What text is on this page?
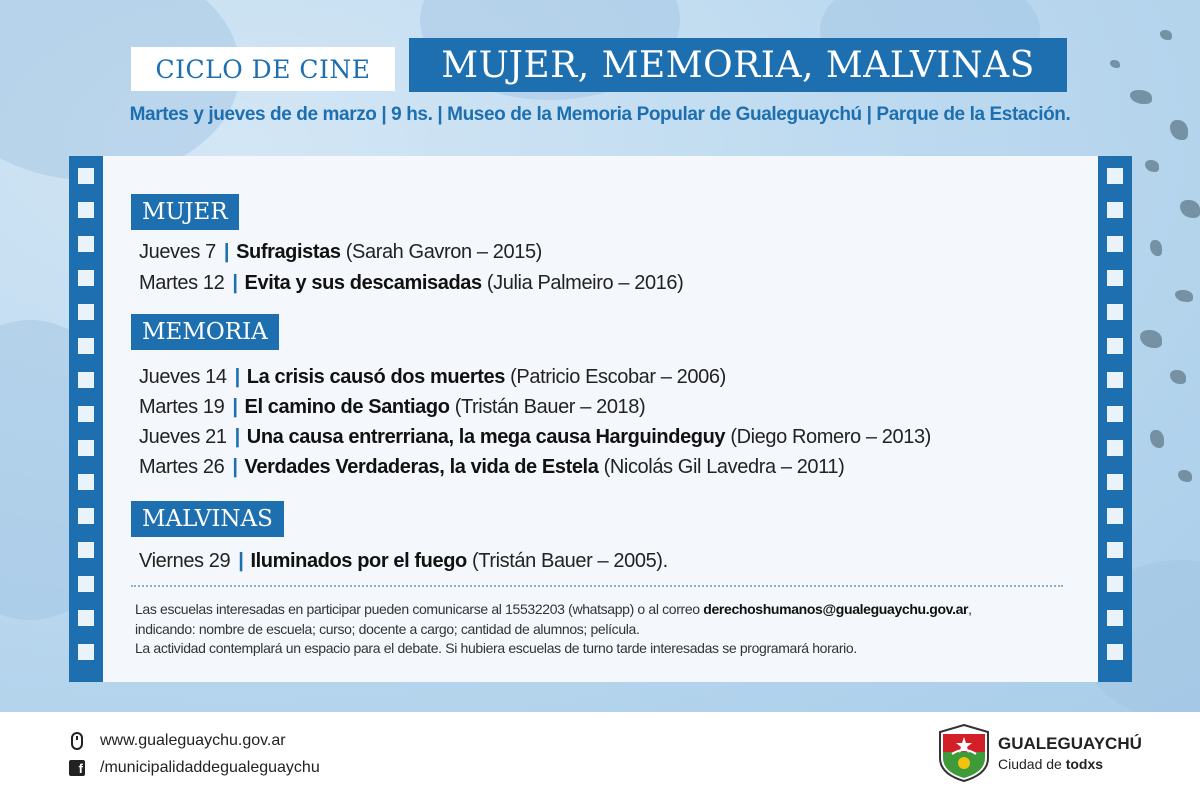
CICLO DE CINE	MUJER, MEMORIA, MALVINAS
Martes y jueves de de marzo | 9 hs. | Museo de la Memoria Popular de Gualeguaychú | Parque de la Estación.
MUJER
Jueves 7 | Sufragistas (Sarah Gavron – 2015)
Martes 12 | Evita y sus descamisadas (Julia Palmeiro – 2016)
MEMORIA
Jueves 14 | La crisis causó dos muertes (Patricio Escobar – 2006)
Martes 19 | El camino de Santiago (Tristán Bauer – 2018)
Jueves 21 | Una causa entrerriana, la mega causa Harguindeguy (Diego Romero – 2013)
Martes 26 | Verdades Verdaderas, la vida de Estela (Nicolás Gil Lavedra – 2011)
MALVINAS
Viernes 29 | Iluminados por el fuego (Tristán Bauer – 2005).
Las escuelas interesadas en participar pueden comunicarse al 15532203 (whatsapp) o al correo derechoshumanos@gualeguaychu.gov.ar,
indicando: nombre de escuela; curso; docente a cargo; cantidad de alumnos; película.
La actividad contemplará un espacio para el debate. Si hubiera escuelas de turno tarde interesadas se programará horario.
www.gualeguaychu.gov.ar
f /municipalidaddegualeguaychu
GUALEGUAYCHÚ
Ciudad de todxs
